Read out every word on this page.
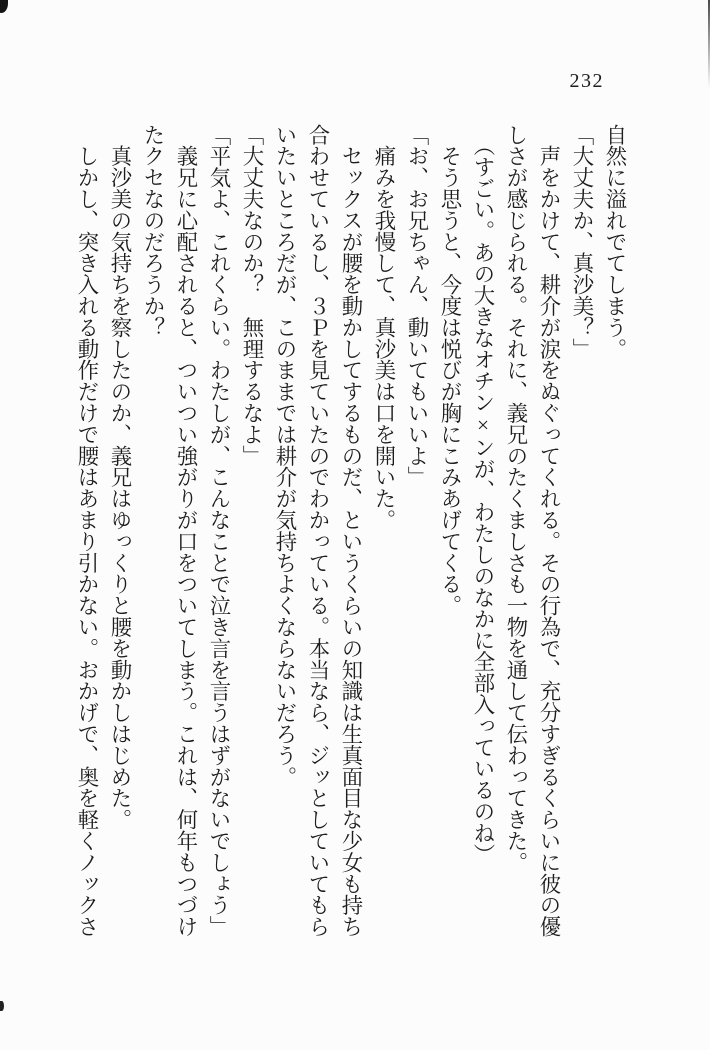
232

自然に溢れでてしまう。

「大丈夫か、真沙美？」

　声をかけて、耕介が涙をぬぐってくれる。その行為で、充分すぎるくらいに彼の優

しさが感じられる。それに、義兄のたくましさも一物を通して伝わってきた。

　（すごい。あの大きなオチン×ンが、わたしのなかに全部入っているのね）

　そう思うと、今度は悦びが胸にこみあげてくる。

「お、お兄ちゃん、動いてもいいよ」

　痛みを我慢して、真沙美は口を開いた。

　セックスが腰を動かしてするものだ、というくらいの知識は生真面目な少女も持ち

合わせているし、３Ｐを見ていたのでわかっている。本当なら、ジッとしていてもら

いたいところだが、このままでは耕介が気持ちよくならないだろう。

「大丈夫なのか？　無理するなよ」

「平気よ、これくらい。わたしが、こんなことで泣き言を言うはずがないでしょう」

　義兄に心配されると、ついつい強がりが口をついてしまう。これは、何年もつづけ

たクセなのだろうか？

　真沙美の気持ちを察したのか、義兄はゆっくりと腰を動かしはじめた。

　しかし、突き入れる動作だけで腰はあまり引かない。おかげで、奥を軽くノックさ
